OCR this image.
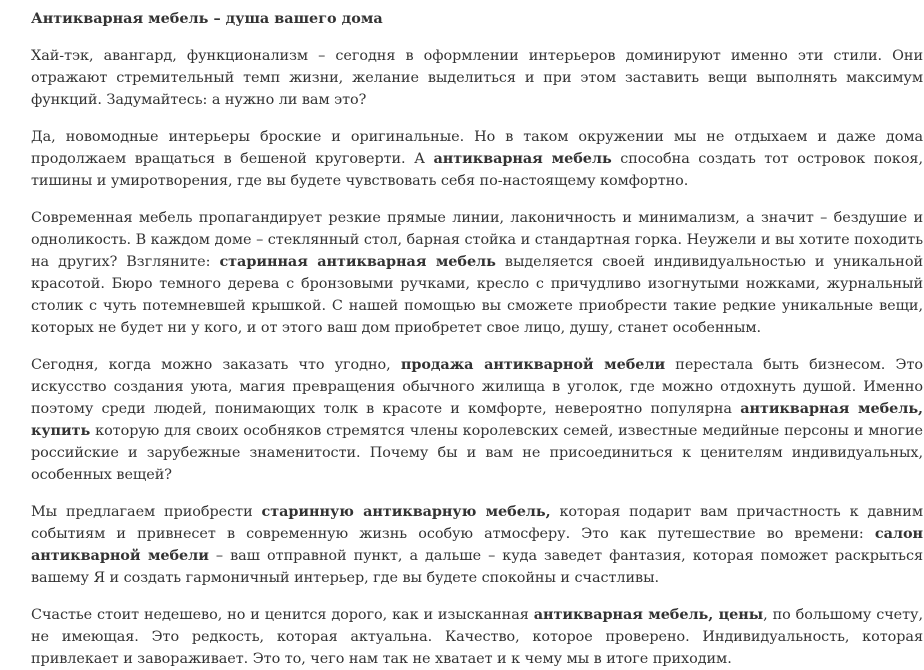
Антикварная мебель – душа вашего дома

Хай-тэк, авангард, функционализм – сегодня в оформлении интерьеров доминируют именно эти стили. Они отражают стремительный темп жизни, желание выделиться и при этом заставить вещи выполнять максимум функций. Задумайтесь: а нужно ли вам это?

Да, новомодные интерьеры броские и оригинальные. Но в таком окружении мы не отдыхаем и даже дома продолжаем вращаться в бешеной круговерти. А антикварная мебель способна создать тот островок покоя, тишины и умиротворения, где вы будете чувствовать себя по-настоящему комфортно.

Современная мебель пропагандирует резкие прямые линии, лаконичность и минимализм, а значит – бездушие и одноликость. В каждом доме – стеклянный стол, барная стойка и стандартная горка. Неужели и вы хотите походить на других? Взгляните: старинная антикварная мебель выделяется своей индивидуальностью и уникальной красотой. Бюро темного дерева с бронзовыми ручками, кресло с причудливо изогнутыми ножками, журнальный столик с чуть потемневшей крышкой. С нашей помощью вы сможете приобрести такие редкие уникальные вещи, которых не будет ни у кого, и от этого ваш дом приобретет свое лицо, душу, станет особенным.

Сегодня, когда можно заказать что угодно, продажа антикварной мебели перестала быть бизнесом. Это искусство создания уюта, магия превращения обычного жилища в уголок, где можно отдохнуть душой. Именно поэтому среди людей, понимающих толк в красоте и комфорте, невероятно популярна антикварная мебель, купить которую для своих особняков стремятся члены королевских семей, известные медийные персоны и многие российские и зарубежные знаменитости. Почему бы и вам не присоединиться к ценителям индивидуальных, особенных вещей?

Мы предлагаем приобрести старинную антикварную мебель, которая подарит вам причастность к давним событиям и привнесет в современную жизнь особую атмосферу. Это как путешествие во времени: салон антикварной мебели – ваш отправной пункт, а дальше – куда заведет фантазия, которая поможет раскрыться вашему Я и создать гармоничный интерьер, где вы будете спокойны и счастливы.

Счастье стоит недешево, но и ценится дорого, как и изысканная антикварная мебель, цены, по большому счету, не имеющая. Это редкость, которая актуальна. Качество, которое проверено. Индивидуальность, которая привлекает и завораживает. Это то, чего нам так не хватает и к чему мы в итоге приходим.
